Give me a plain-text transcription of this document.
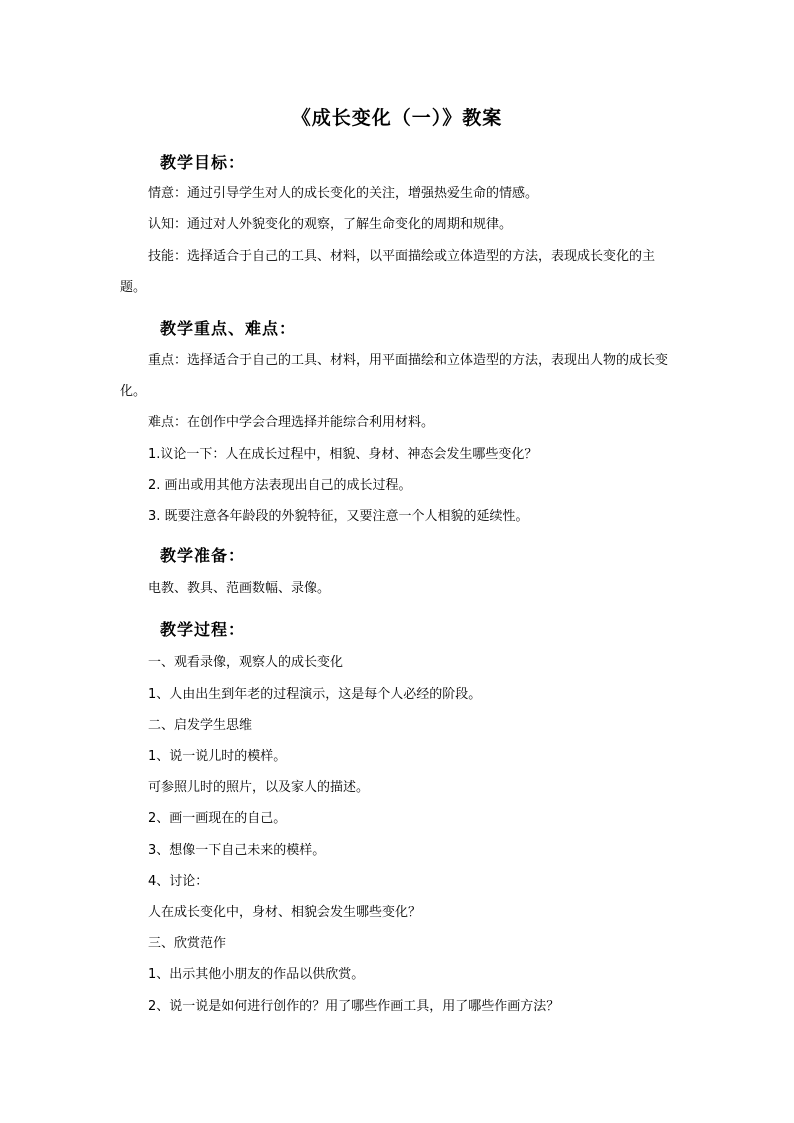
《成长变化（一）》教案
教学目标：
情意：通过引导学生对人的成长变化的关注，增强热爱生命的情感。
认知：通过对人外貌变化的观察，了解生命变化的周期和规律。
技能：选择适合于自己的工具、材料，以平面描绘或立体造型的方法，表现成长变化的主题。
教学重点、难点：
重点：选择适合于自己的工具、材料，用平面描绘和立体造型的方法，表现出人物的成长变化。
难点：在创作中学会合理选择并能综合利用材料。
1.议论一下：人在成长过程中，相貌、身材、神态会发生哪些变化？
2. 画出或用其他方法表现出自己的成长过程。
3. 既要注意各年龄段的外貌特征，又要注意一个人相貌的延续性。
教学准备：
电教、教具、范画数幅、录像。
教学过程：
一、观看录像，观察人的成长变化
1、人由出生到年老的过程演示，这是每个人必经的阶段。
二、启发学生思维
1、说一说儿时的模样。
可参照儿时的照片，以及家人的描述。
2、画一画现在的自己。
3、想像一下自己未来的模样。
4、讨论：
人在成长变化中，身材、相貌会发生哪些变化？
三、欣赏范作
1、出示其他小朋友的作品以供欣赏。
2、说一说是如何进行创作的？用了哪些作画工具，用了哪些作画方法？
